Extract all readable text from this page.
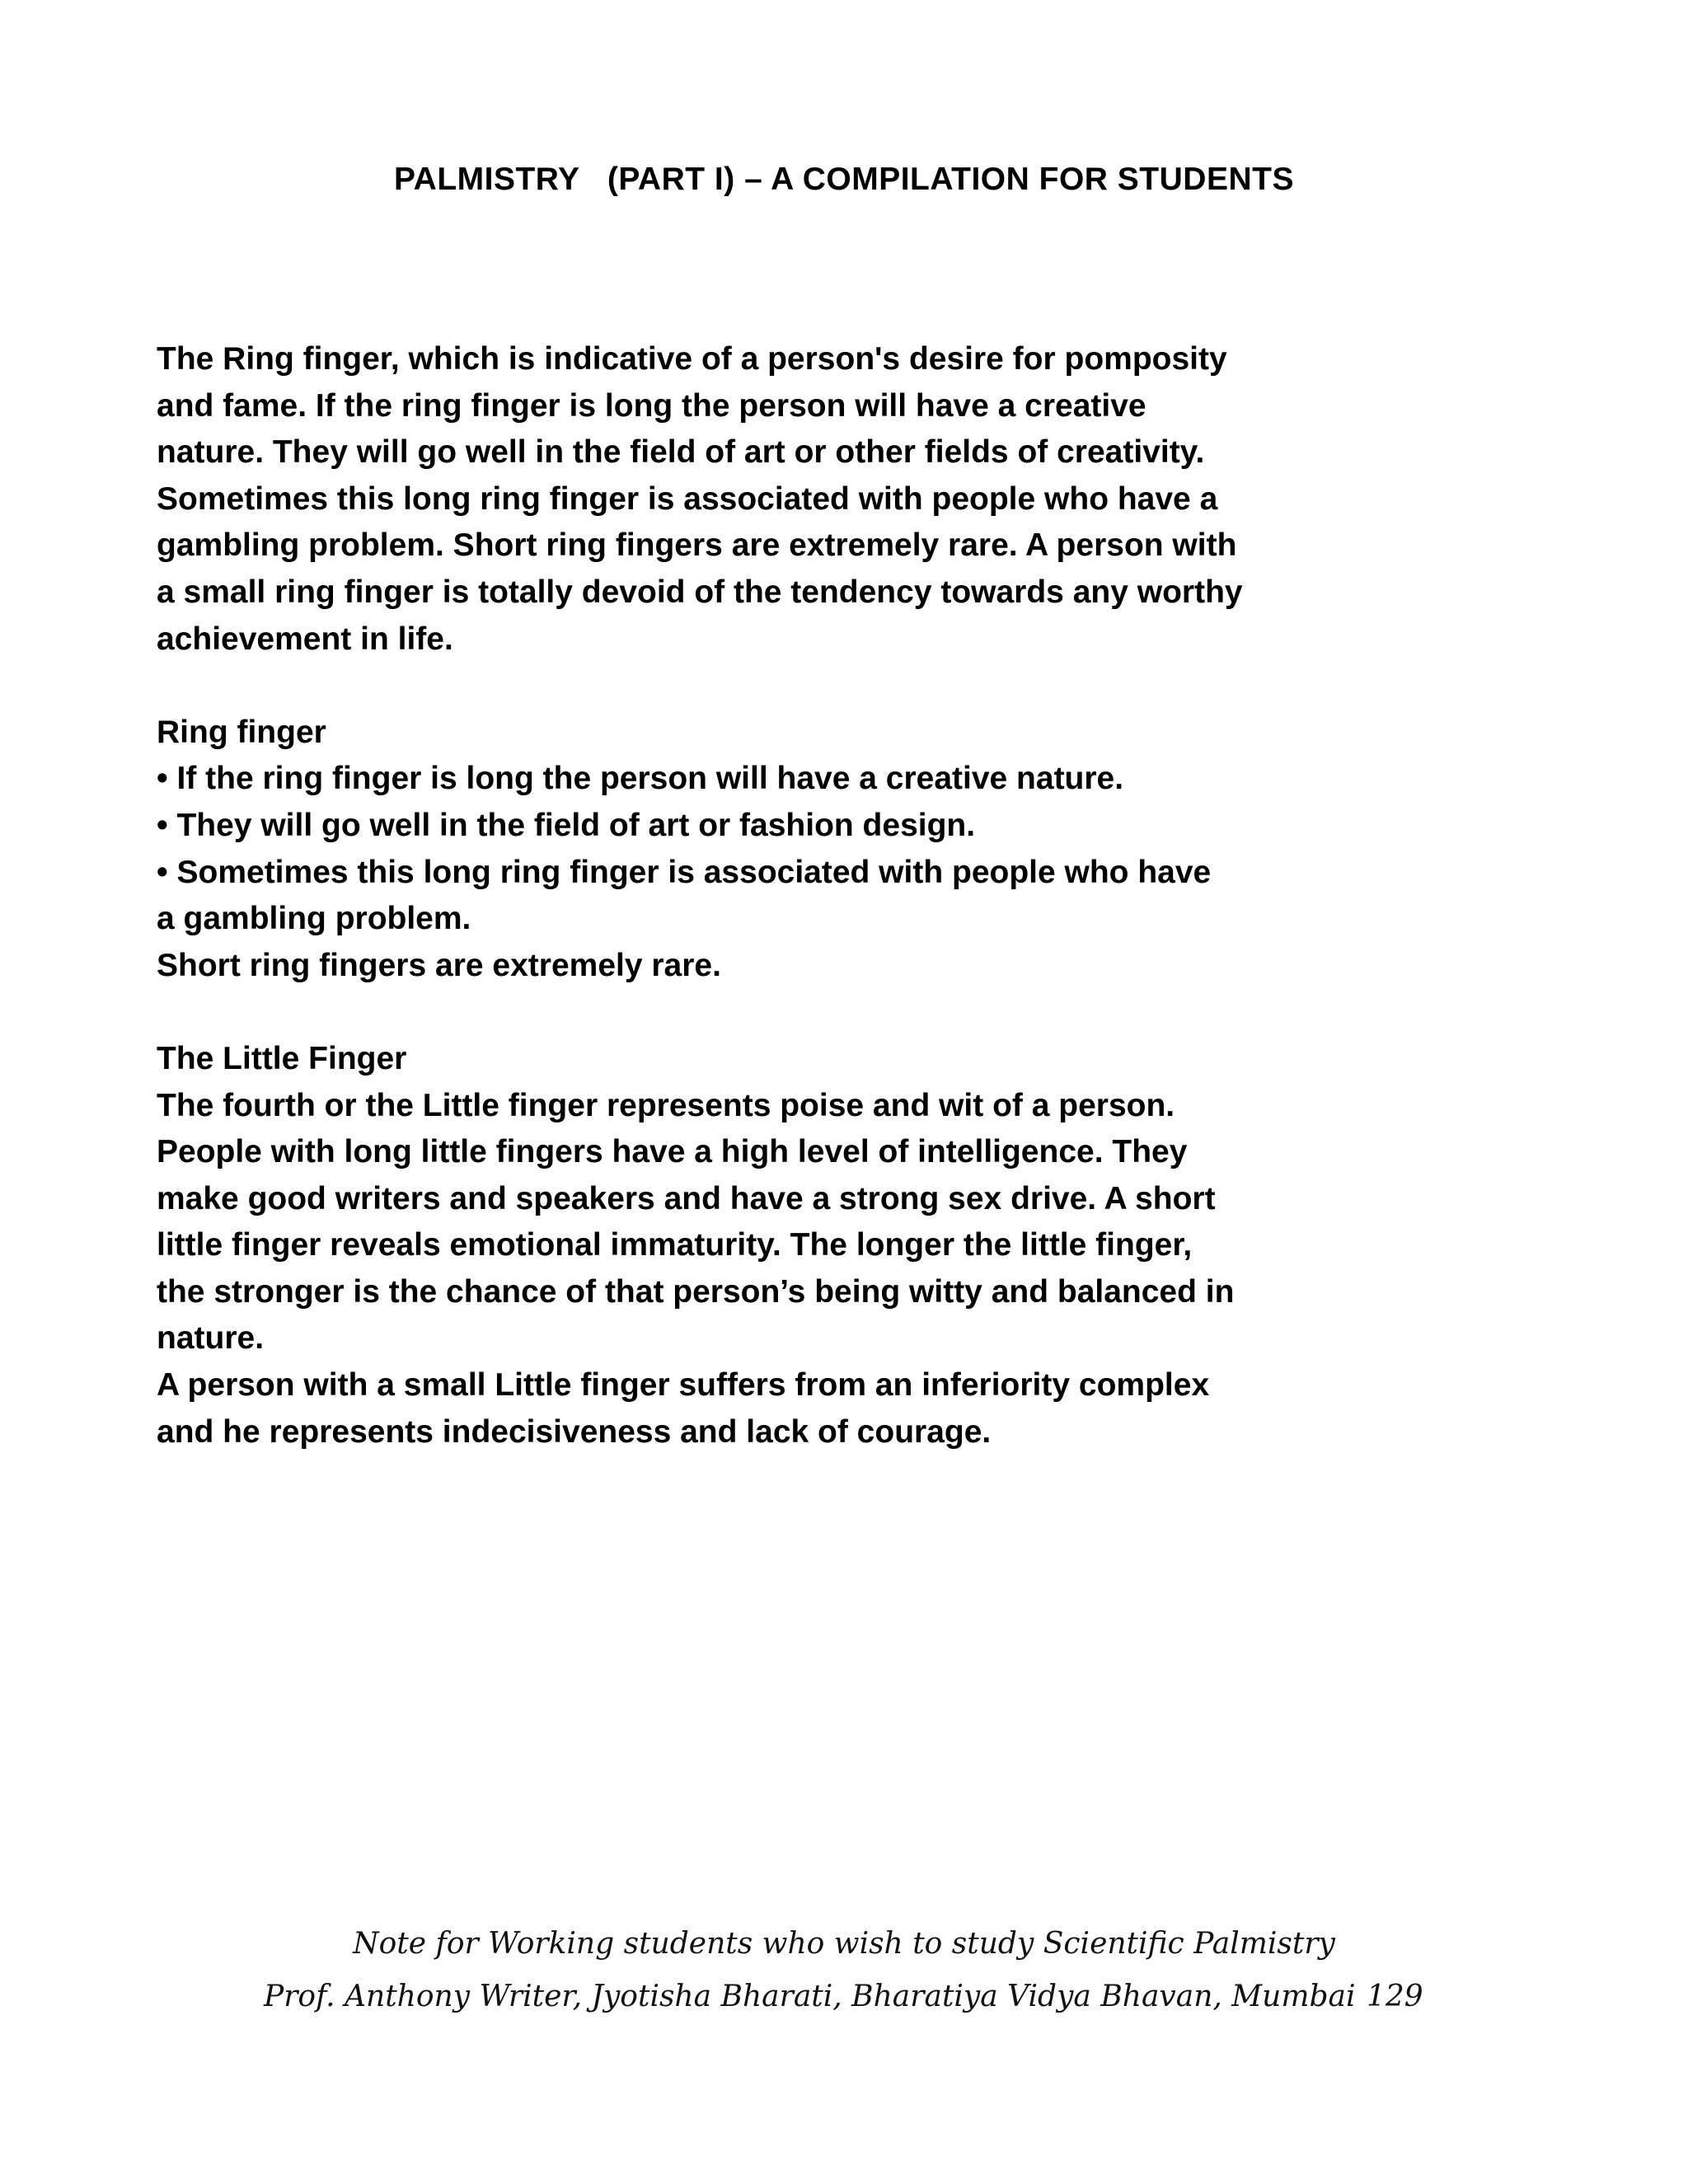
PALMISTRY   (PART I) – A COMPILATION FOR STUDENTS

The Ring finger, which is indicative of a person's desire for pomposity

and fame. If the ring finger is long the person will have a creative

nature. They will go well in the field of art or other fields of creativity.

Sometimes this long ring finger is associated with people who have a

gambling problem. Short ring fingers are extremely rare. A person with

a small ring finger is totally devoid of the tendency towards any worthy

achievement in life.

Ring finger

• If the ring finger is long the person will have a creative nature.

• They will go well in the field of art or fashion design.

• Sometimes this long ring finger is associated with people who have

a gambling problem.

Short ring fingers are extremely rare.

The Little Finger

The fourth or the Little finger represents poise and wit of a person.

People with long little fingers have a high level of intelligence. They

make good writers and speakers and have a strong sex drive. A short

little finger reveals emotional immaturity. The longer the little finger,

the stronger is the chance of that person’s being witty and balanced in

nature.

A person with a small Little finger suffers from an inferiority complex

and he represents indecisiveness and lack of courage.

Note for Working students who wish to study Scientific Palmistry
Prof. Anthony Writer, Jyotisha Bharati, Bharatiya Vidya Bhavan, Mumbai 129
